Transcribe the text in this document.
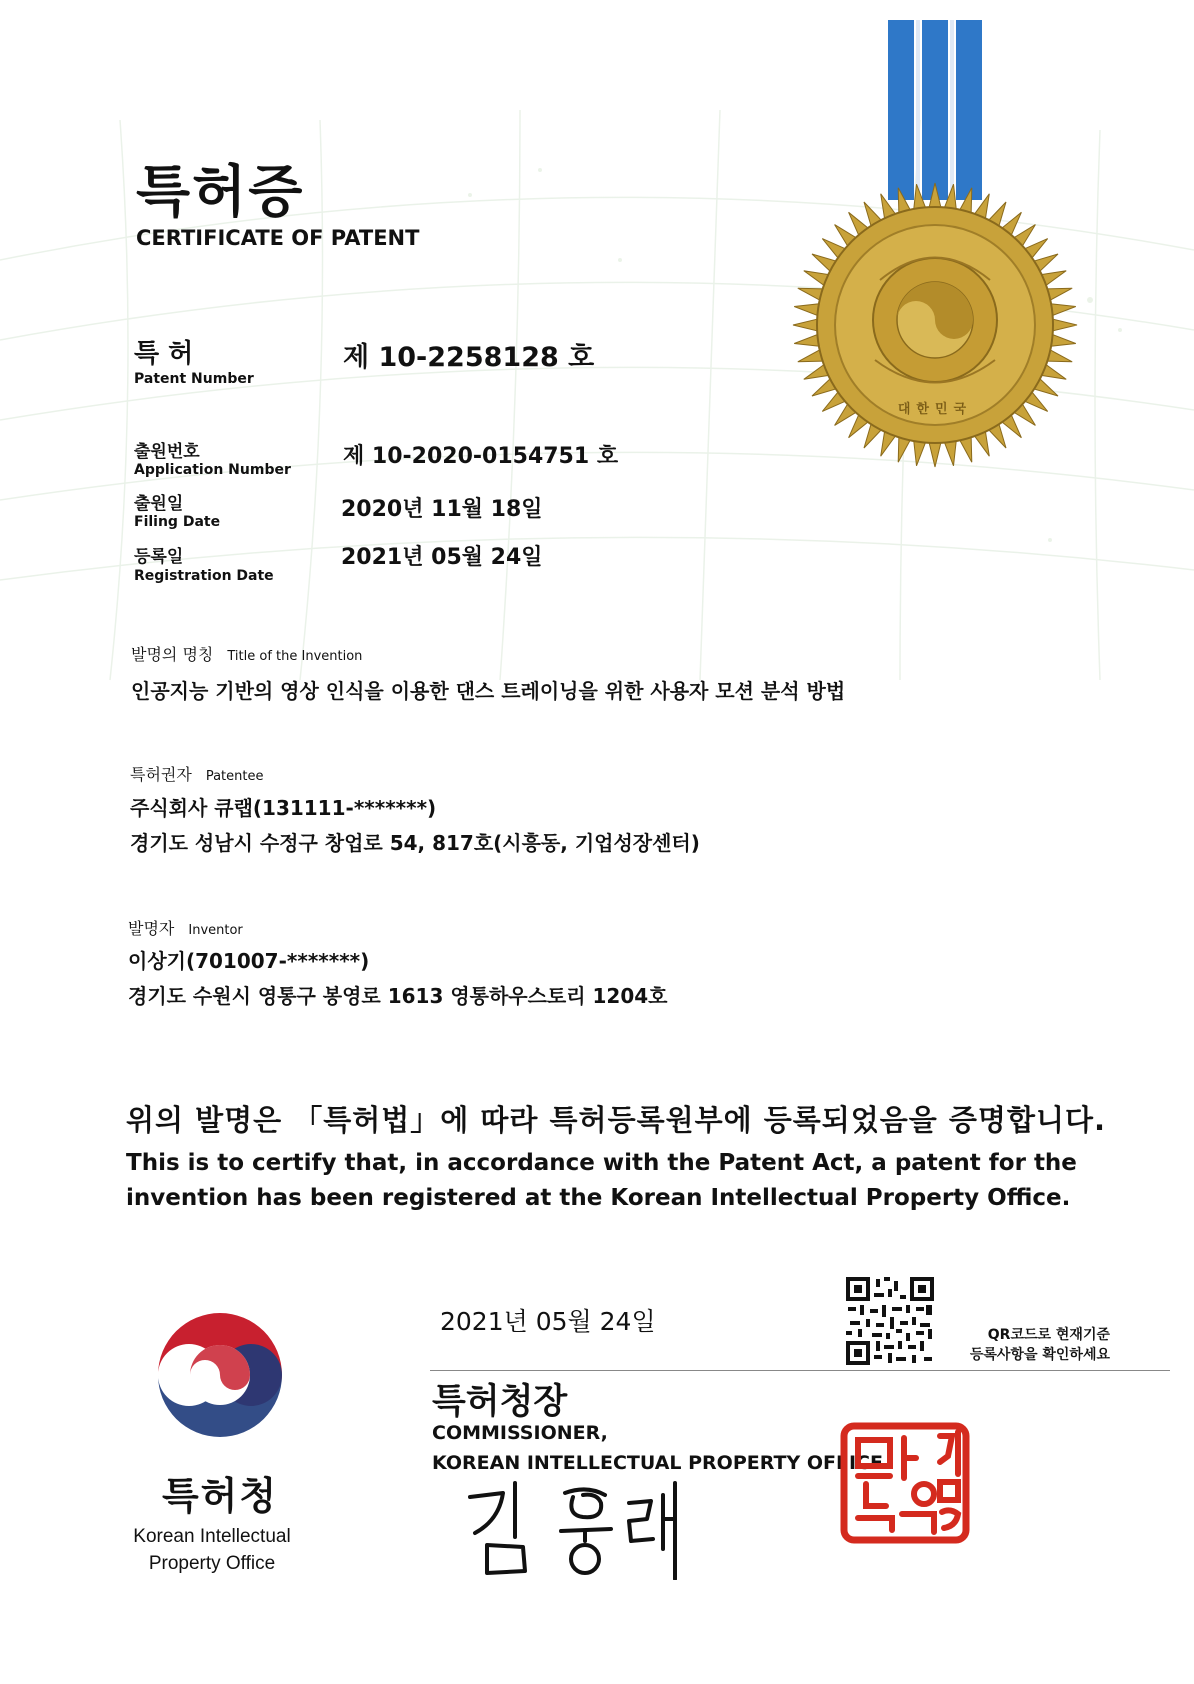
특허증
CERTIFICATE OF PATENT
대한민국
특 허
Patent Number
제 10-2258128 호
출원번호
Application Number
제 10-2020-0154751 호
출원일
Filing Date	2020년 11월 18일
등록일
Registration Date
2021년 05월 24일
발명의 명칭 Title of the Invention
인공지능 기반의 영상 인식을 이용한 댄스 트레이닝을 위한 사용자 모션 분석 방법
특허권자 Patentee
주식회사 큐랩(131111-*******)
경기도 성남시 수정구 창업로 54, 817호(시흥동, 기업성장센터)
발명자 Inventor
이상기(701007-*******)
경기도 수원시 영통구 봉영로 1613 영통하우스토리 1204호
위의 발명은 「특허법」에 따라 특허등록원부에 등록되었음을 증명합니다.
This is to certify that, in accordance with the Patent Act, a patent for the
invention has been registered at the Korean Intellectual Property Office.
특허청
Korean Intellectual
Property Office
2021년 05월 24일	QR코드로 현재기준
등록사항을 확인하세요
특허청장
COMMISSIONER,
KOREAN INTELLECTUAL PROPERTY OFFICE
